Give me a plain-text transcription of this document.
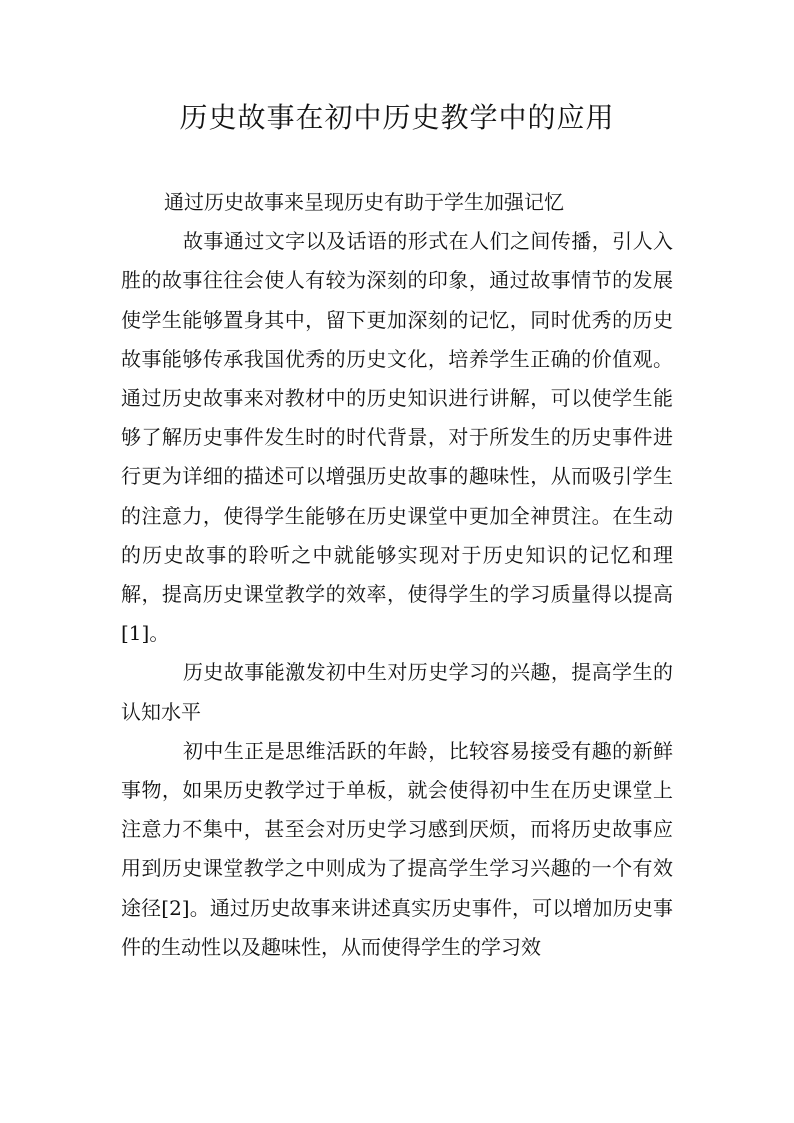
历史故事在初中历史教学中的应用

通过历史故事来呈现历史有助于学生加强记忆

故事通过文字以及话语的形式在人们之间传播，引人入胜的故事往往会使人有较为深刻的印象，通过故事情节的发展使学生能够置身其中，留下更加深刻的记忆，同时优秀的历史故事能够传承我国优秀的历史文化，培养学生正确的价值观。通过历史故事来对教材中的历史知识进行讲解，可以使学生能够了解历史事件发生时的时代背景，对于所发生的历史事件进行更为详细的描述可以增强历史故事的趣味性，从而吸引学生的注意力，使得学生能够在历史课堂中更加全神贯注。在生动的历史故事的聆听之中就能够实现对于历史知识的记忆和理解，提高历史课堂教学的效率，使得学生的学习质量得以提高[1]。

历史故事能激发初中生对历史学习的兴趣，提高学生的认知水平

初中生正是思维活跃的年龄，比较容易接受有趣的新鲜事物，如果历史教学过于单板，就会使得初中生在历史课堂上注意力不集中，甚至会对历史学习感到厌烦，而将历史故事应用到历史课堂教学之中则成为了提高学生学习兴趣的一个有效途径[2]。通过历史故事来讲述真实历史事件，可以增加历史事件的生动性以及趣味性，从而使得学生的学习效
